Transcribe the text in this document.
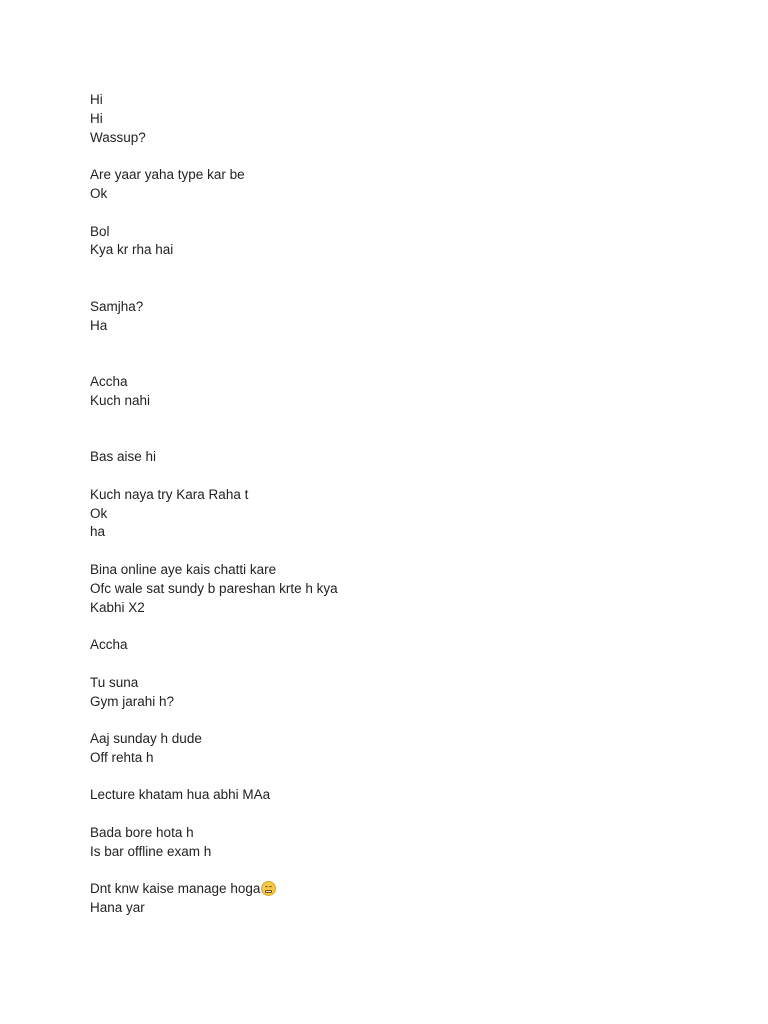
Hi
Hi
Wassup?
Are yaar yaha type kar be
Ok
Bol
Kya kr rha hai
Samjha?
Ha
Accha
Kuch nahi
Bas aise hi
Kuch naya try Kara Raha t
Ok
ha
Bina online aye kais chatti kare
Ofc wale sat sundy b pareshan krte h kya
Kabhi X2
Accha
Tu suna
Gym jarahi h?
Aaj sunday h dude
Off rehta h
Lecture khatam hua abhi MAa
Bada bore hota h
Is bar offline exam h
Dnt knw kaise manage hoga
Hana yar
